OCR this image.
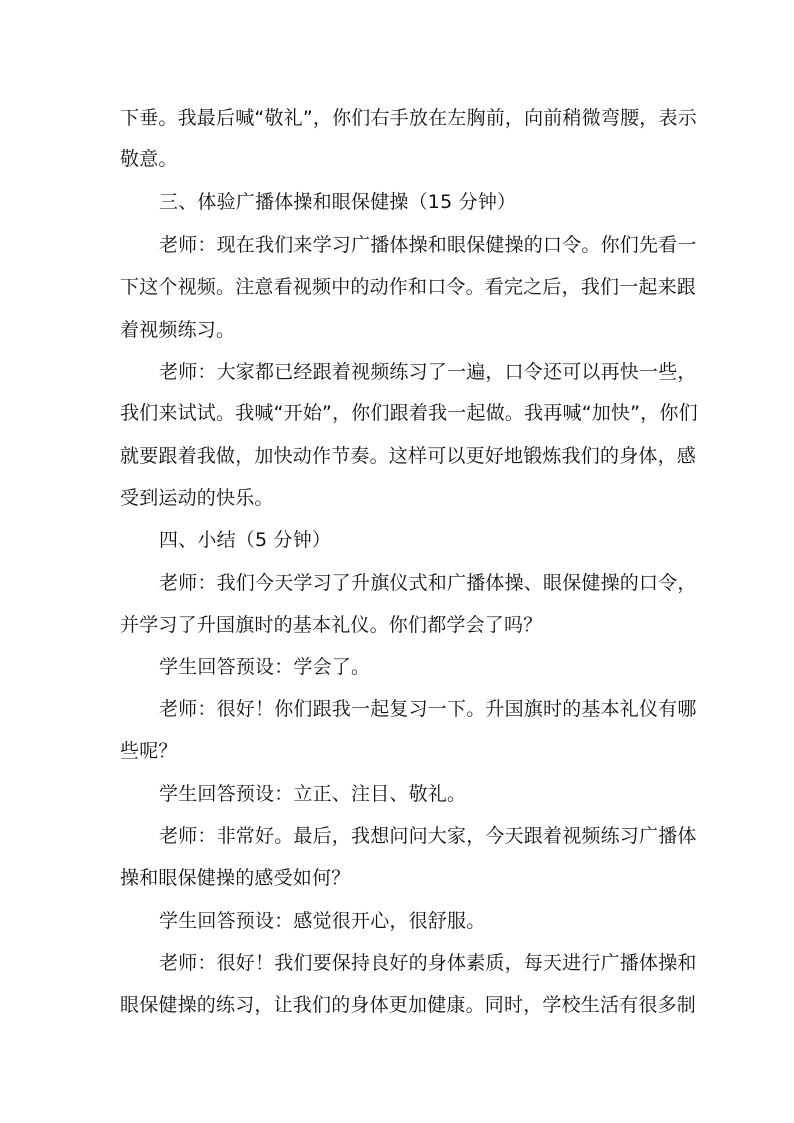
下垂。我最后喊“敬礼”，你们右手放在左胸前，向前稍微弯腰，表示
敬意。
三、体验广播体操和眼保健操（15 分钟）
老师：现在我们来学习广播体操和眼保健操的口令。你们先看一
下这个视频。注意看视频中的动作和口令。看完之后，我们一起来跟
着视频练习。
老师：大家都已经跟着视频练习了一遍，口令还可以再快一些，
我们来试试。我喊“开始”，你们跟着我一起做。我再喊“加快”，你们
就要跟着我做，加快动作节奏。这样可以更好地锻炼我们的身体，感
受到运动的快乐。
四、小结（5 分钟）
老师：我们今天学习了升旗仪式和广播体操、眼保健操的口令，
并学习了升国旗时的基本礼仪。你们都学会了吗？
学生回答预设：学会了。
老师：很好！你们跟我一起复习一下。升国旗时的基本礼仪有哪
些呢？
学生回答预设：立正、注目、敬礼。
老师：非常好。最后，我想问问大家，今天跟着视频练习广播体
操和眼保健操的感受如何？
学生回答预设：感觉很开心，很舒服。
老师：很好！我们要保持良好的身体素质，每天进行广播体操和
眼保健操的练习，让我们的身体更加健康。同时，学校生活有很多制
